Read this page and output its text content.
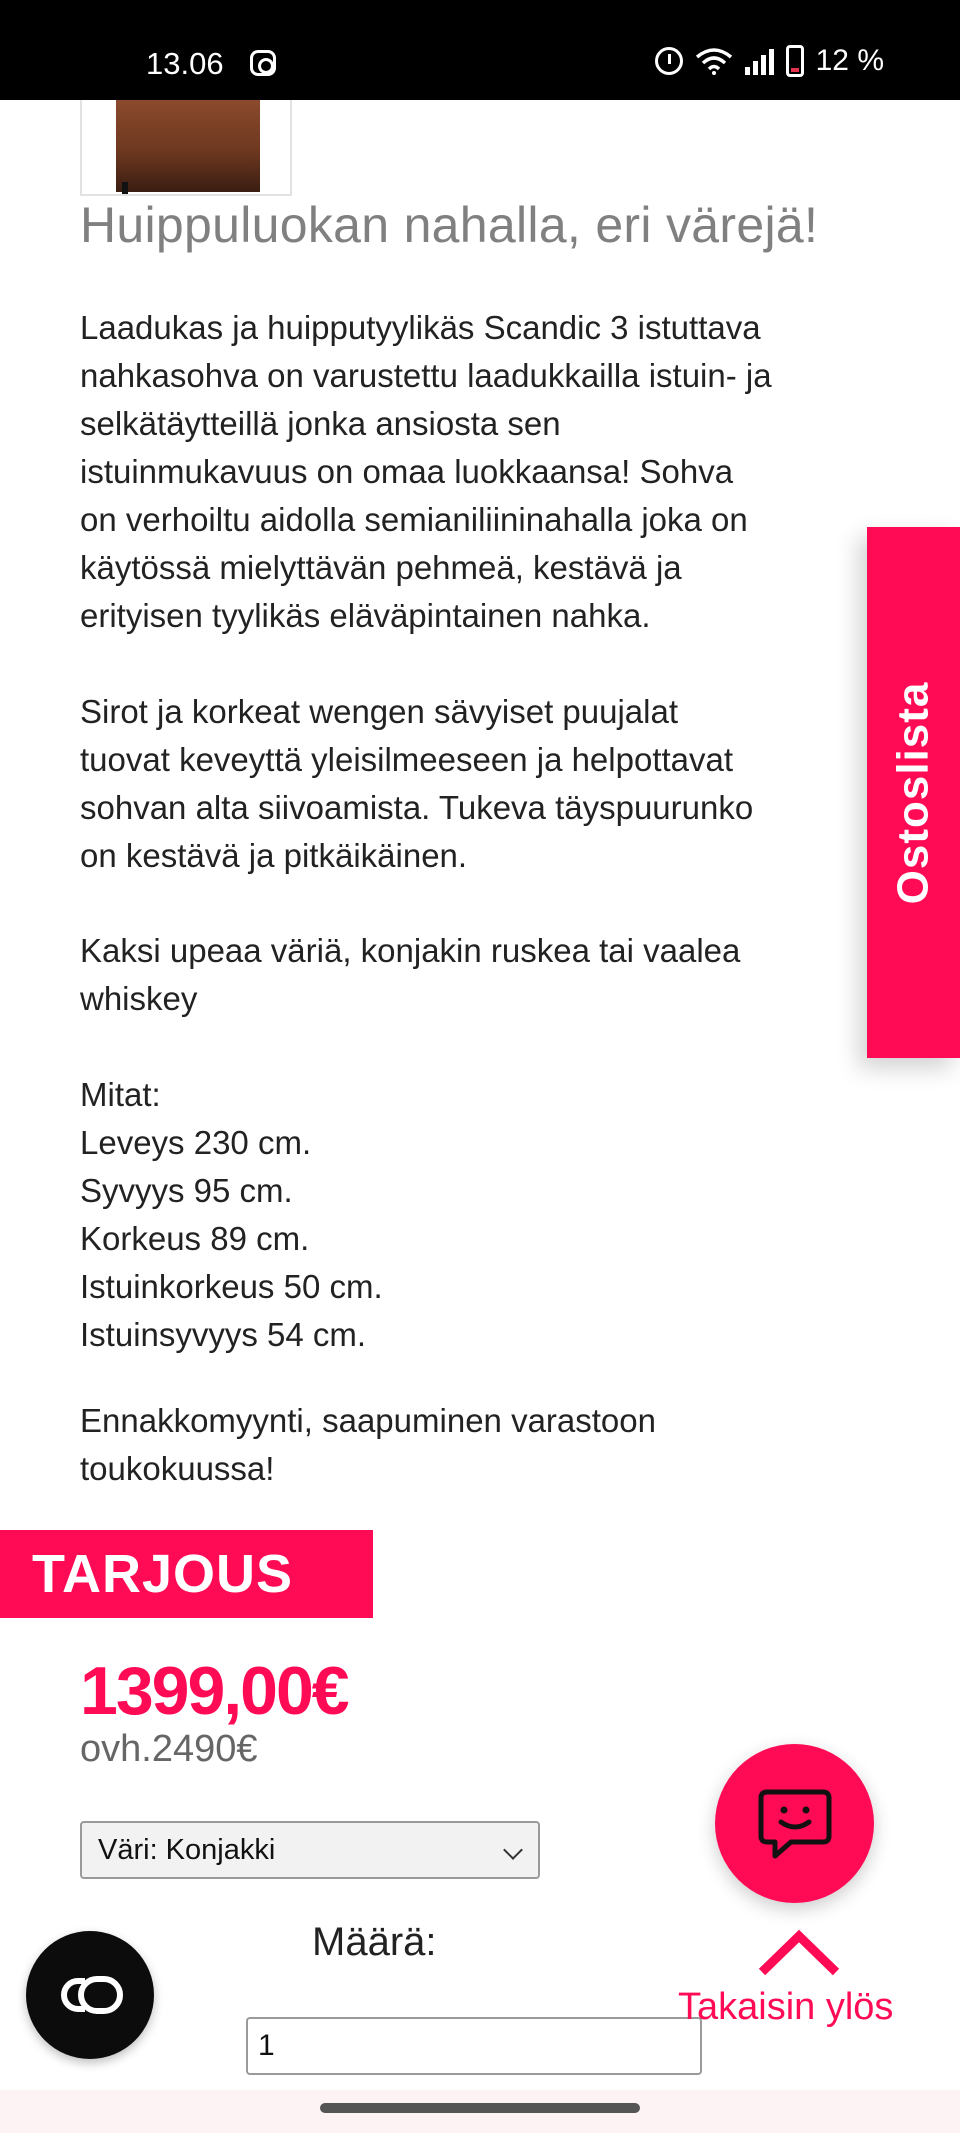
13.06	12 %
Huippuluokan nahalla, eri värejä!

Laadukas ja huipputyylikäs Scandic 3 istuttava

nahkasohva on varustettu laadukkailla istuin- ja

selkätäytteillä jonka ansiosta sen

istuinmukavuus on omaa luokkaansa! Sohva

on verhoiltu aidolla semianiliininahalla joka on

käytössä mielyttävän pehmeä, kestävä ja

erityisen tyylikäs eläväpintainen nahka.

Sirot ja korkeat wengen sävyiset puujalat

tuovat keveyttä yleisilmeeseen ja helpottavat

sohvan alta siivoamista. Tukeva täyspuurunko

on kestävä ja pitkäikäinen.

Kaksi upeaa väriä, konjakin ruskea tai vaalea

whiskey

Mitat:

Leveys 230 cm.

Syvyys 95 cm.

Korkeus 89 cm.

Istuinkorkeus 50 cm.

Istuinsyvyys 54 cm.

Ennakkomyynti, saapuminen varastoon

toukokuussa!

Ostoslista
TARJOUS
1399,00€
ovh.2490€
Väri: Konjakki
Määrä:
1
Takaisin ylös
